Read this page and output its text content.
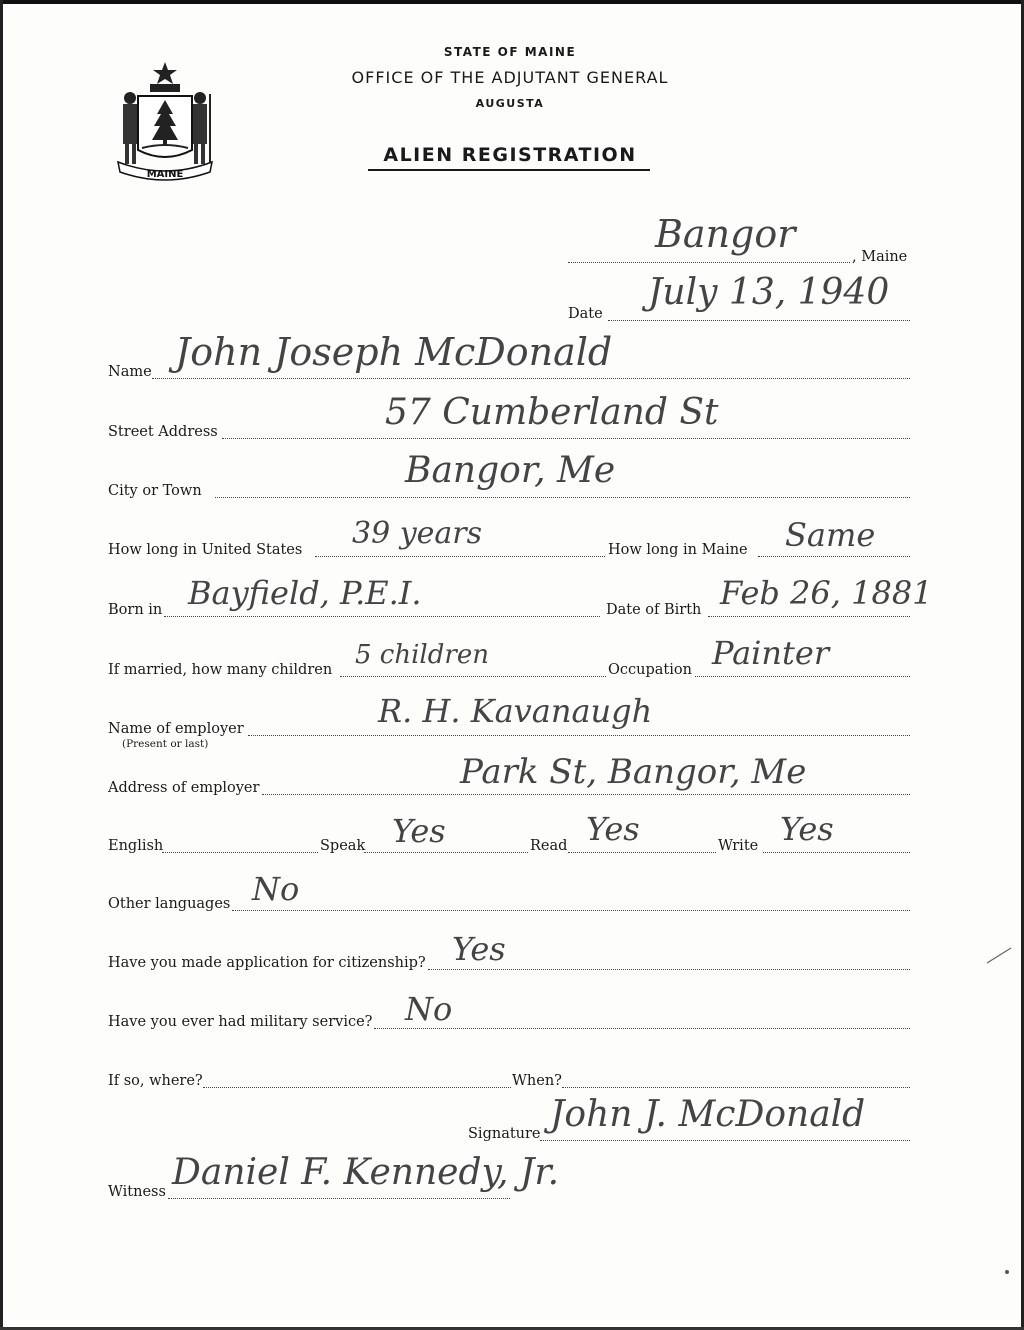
MAINE
STATE OF MAINE
OFFICE OF THE ADJUTANT GENERAL
AUGUSTA
ALIEN REGISTRATION
Bangor
, Maine
Date
July 13, 1940
Name John Joseph McDonald
Street Address	57 Cumberland St
City or Town	Bangor, Me
How long in United States 39 years	How long in Maine Same
Born in Bayfield, P.E.I.	Date of Birth Feb 26, 1881
If married, how many children 5 children	Occupation Painter
Name of employer
(Present or last)
R. H. Kavanaugh
Address of employer	Park St, Bangor, Me
English	Speak Yes	Read Yes	Write Yes
Other languages No
Have you made application for citizenship? Yes
Have you ever had military service? No
If so, where?	When?
Signature John J. McDonald
Witness Daniel F. Kennedy, Jr.
